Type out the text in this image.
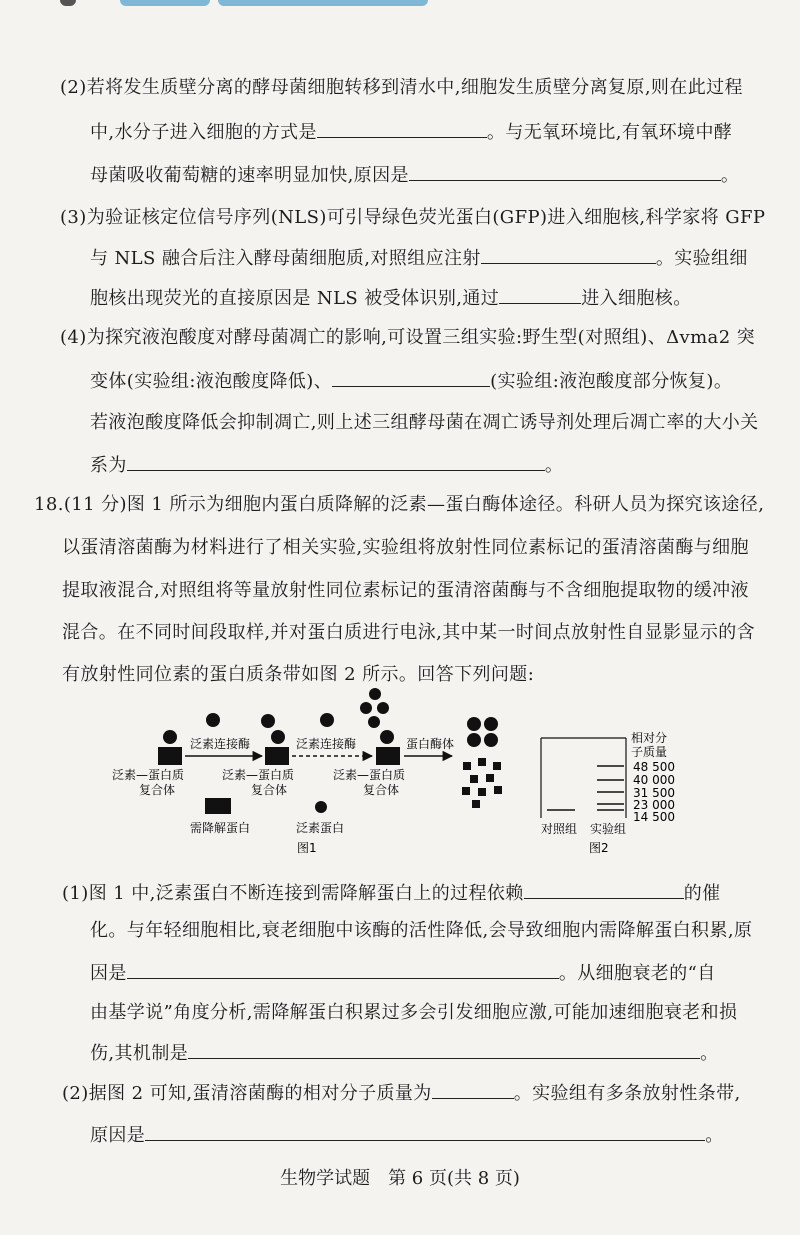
(2)若将发生质壁分离的酵母菌细胞转移到清水中,细胞发生质壁分离复原,则在此过程
中,水分子进入细胞的方式是	。与无氧环境比,有氧环境中酵
母菌吸收葡萄糖的速率明显加快,原因是	。
(3)为验证核定位信号序列(NLS)可引导绿色荧光蛋白(GFP)进入细胞核,科学家将 GFP
与 NLS 融合后注入酵母菌细胞质,对照组应注射	。实验组细
胞核出现荧光的直接原因是 NLS 被受体识别,通过	进入细胞核。
(4)为探究液泡酸度对酵母菌凋亡的影响,可设置三组实验:野生型(对照组)、Δvma2 突
变体(实验组:液泡酸度降低)、	(实验组:液泡酸度部分恢复)。
若液泡酸度降低会抑制凋亡,则上述三组酵母菌在凋亡诱导剂处理后凋亡率的大小关
系为	。
18.(11 分)图 1 所示为细胞内蛋白质降解的泛素—蛋白酶体途径。科研人员为探究该途径,
以蛋清溶菌酶为材料进行了相关实验,实验组将放射性同位素标记的蛋清溶菌酶与细胞
提取液混合,对照组将等量放射性同位素标记的蛋清溶菌酶与不含细胞提取物的缓冲液
混合。在不同时间段取样,并对蛋白质进行电泳,其中某一时间点放射性自显影显示的含
有放射性同位素的蛋白质条带如图 2 所示。回答下列问题:
泛素连接酶	泛素连接酶	蛋白酶体
泛素—蛋白质
复合体
泛素—蛋白质
复合体
泛素—蛋白质
复合体
需降解蛋白	泛素蛋白
图1
相对分
子质量
48 500
40 000
31 500
23 000
14 500
对照组 实验组
图2
(1)图 1 中,泛素蛋白不断连接到需降解蛋白上的过程依赖	的催
化。与年轻细胞相比,衰老细胞中该酶的活性降低,会导致细胞内需降解蛋白积累,原
因是	。从细胞衰老的“自
由基学说”角度分析,需降解蛋白积累过多会引发细胞应激,可能加速细胞衰老和损
伤,其机制是	。
(2)据图 2 可知,蛋清溶菌酶的相对分子质量为	。实验组有多条放射性条带,
原因是	。
生物学试题　第 6 页(共 8 页)
